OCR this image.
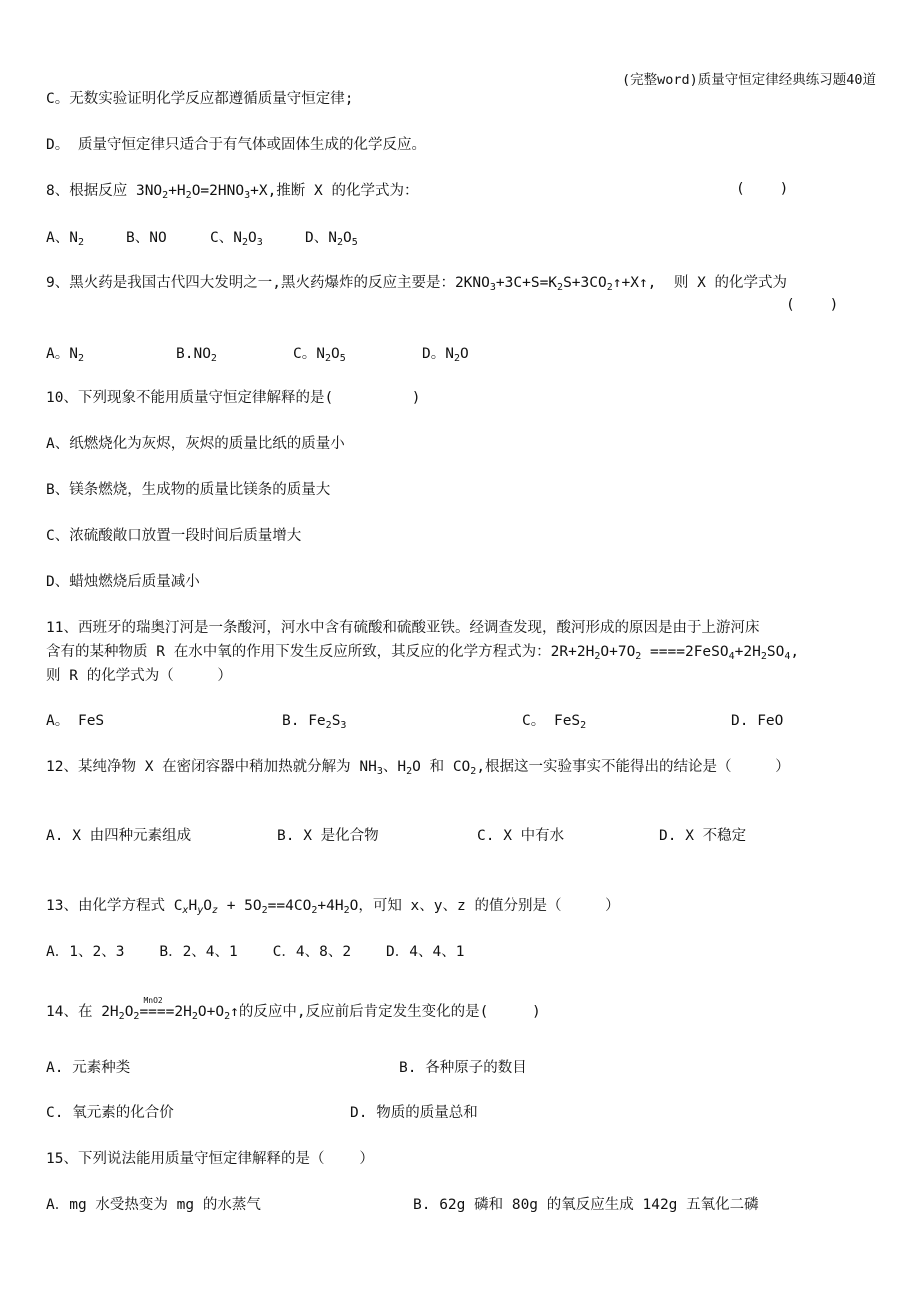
(完整word)质量守恒定律经典练习题40道
C。无数实验证明化学反应都遵循质量守恒定律;
D。 质量守恒定律只适合于有气体或固体生成的化学反应。
8、根据反应 $3NO_2+H_2O=2HNO_3+X$,推断 X 的化学式为：	(    )
A、$N_2$	B、NO	C、$N_2O_3$	D、$N_2O_5$
9、黑火药是我国古代四大发明之一,黑火药爆炸的反应主要是：$2KNO_3+3C+S=K_2S+3CO_2↑+X↑$,  则 X 的化学式为
(    )
A。$N_2$	$B.NO_2$	C。$N_2O_5$	D。$N_2O$
10、下列现象不能用质量守恒定律解释的是(         )
A、纸燃烧化为灰烬，灰烬的质量比纸的质量小
B、镁条燃烧，生成物的质量比镁条的质量大
C、浓硫酸敞口放置一段时间后质量增大
D、蜡烛燃烧后质量减小
11、西班牙的瑞奥汀河是一条酸河，河水中含有硫酸和硫酸亚铁。经调查发现，酸河形成的原因是由于上游河床
含有的某种物质 R 在水中氧的作用下发生反应所致，其反应的化学方程式为：$2R+2H_2O+7O_2$ $====2FeSO_4+2H_2SO_4$,
则 R 的化学式为（     ）
A。 FeS	B. $Fe_2S_3$	C。 FeS$_2$	D. FeO
12、某纯净物 X 在密闭容器中稍加热就分解为 $NH_3$、$H_2O$ 和 $CO_2$,根据这一实验事实不能得出的结论是（     ）
A. X 由四种元素组成	B. X 是化合物	C. X 中有水	D. X 不稳定
13、由化学方程式 $C_xH_yO_z + 5O_2==4CO_2+4H_2O$，可知 x、y、z 的值分别是（     ）
A．1、2、3    B．2、4、1    C．4、8、2    D．4、4、1
14、在 $2H_2O_2$
MnO2
$====2H_2O+O_2↑$的反应中,反应前后肯定发生变化的是(     )
A. 元素种类	B. 各种原子的数目
C. 氧元素的化合价	D. 物质的质量总和
15、下列说法能用质量守恒定律解释的是（    ）
A．mg 水受热变为 mg 的水蒸气	B. 62g 磷和 80g 的氧反应生成 142g 五氧化二磷
